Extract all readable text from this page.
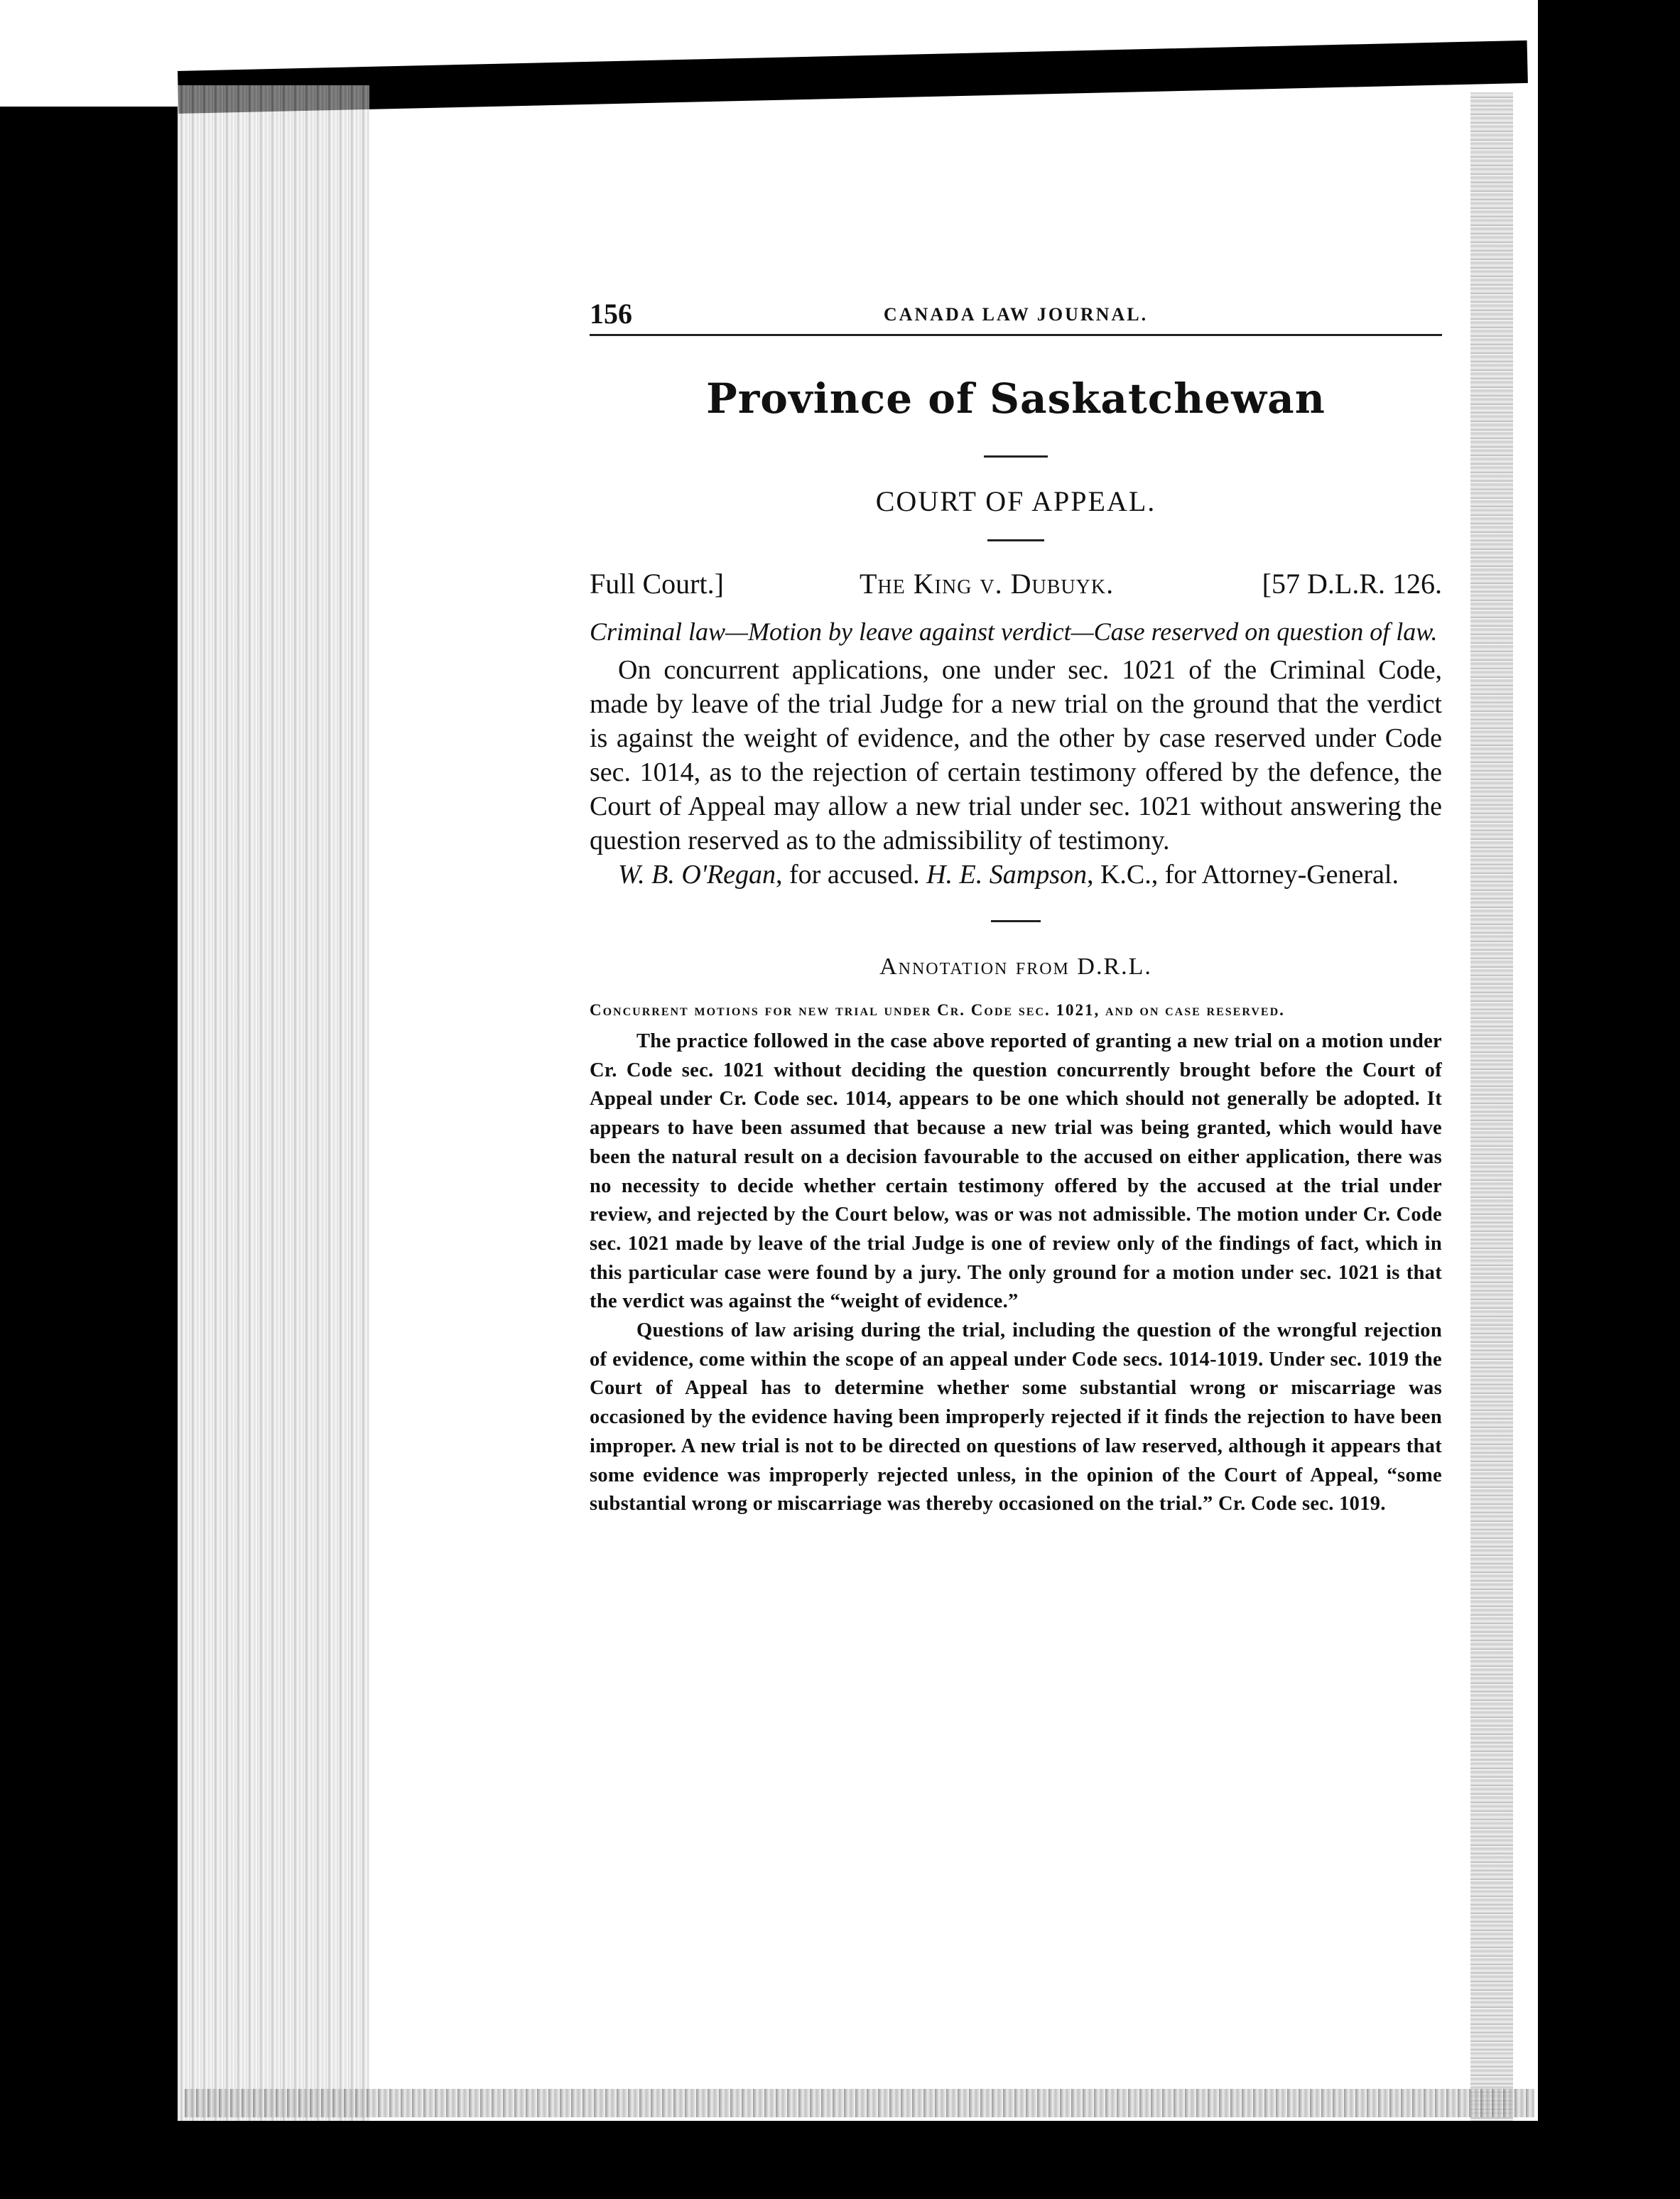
156	CANADA LAW JOURNAL.
Province of Saskatchewan
COURT OF APPEAL.
Full Court.]	The King v. Dubuyk.	[57 D.L.R. 126.
Criminal law—Motion by leave against verdict—Case reserved on question of law.

On concurrent applications, one under sec. 1021 of the Criminal Code, made by leave of the trial Judge for a new trial on the ground that the verdict is against the weight of evidence, and the other by case reserved under Code sec. 1014, as to the rejection of certain testimony offered by the defence, the Court of Appeal may allow a new trial under sec. 1021 without answering the question reserved as to the admissibility of testimony.

W. B. O'Regan, for accused. H. E. Sampson, K.C., for Attorney-General.

Annotation from D.R.L.
Concurrent motions for new trial under Cr. Code sec. 1021, and on case reserved.

The practice followed in the case above reported of granting a new trial on a motion under Cr. Code sec. 1021 without deciding the question concurrently brought before the Court of Appeal under Cr. Code sec. 1014, appears to be one which should not generally be adopted. It appears to have been assumed that because a new trial was being granted, which would have been the natural result on a decision favourable to the accused on either application, there was no necessity to decide whether certain testimony offered by the accused at the trial under review, and rejected by the Court below, was or was not admissible. The motion under Cr. Code sec. 1021 made by leave of the trial Judge is one of review only of the findings of fact, which in this particular case were found by a jury. The only ground for a motion under sec. 1021 is that the verdict was against the “weight of evidence.”

Questions of law arising during the trial, including the question of the wrongful rejection of evidence, come within the scope of an appeal under Code secs. 1014-1019. Under sec. 1019 the Court of Appeal has to determine whether some substantial wrong or miscarriage was occasioned by the evidence having been improperly rejected if it finds the rejection to have been improper. A new trial is not to be directed on questions of law reserved, although it appears that some evidence was improperly rejected unless, in the opinion of the Court of Appeal, “some substantial wrong or miscarriage was thereby occasioned on the trial.” Cr. Code sec. 1019.
